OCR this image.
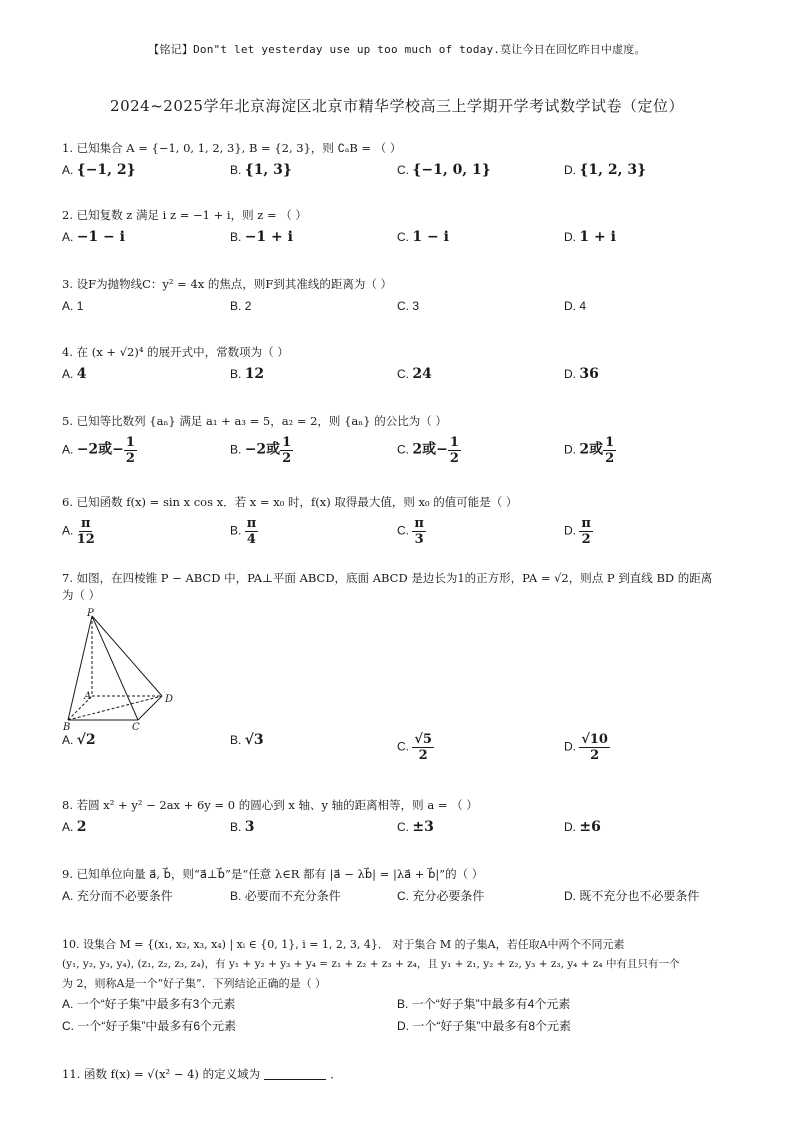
【铭记】Don"t let yesterday use up too much of today.莫让今日在回忆昨日中虚度。
2024~2025学年北京海淀区北京市精华学校高三上学期开学考试数学试卷（定位）
1. 已知集合 A = {−1, 0, 1, 2, 3}, B = {2, 3}，则 ∁ₐB = （ ）
A. {−1, 2}	B. {1, 3}	C. {−1, 0, 1}	D. {1, 2, 3}
2. 已知复数 z 满足 i z = −1 + i，则 z = （ ）
A. −1 − i	B. −1 + i	C. 1 − i	D. 1 + i
3. 设F为抛物线C：y² = 4x 的焦点，则F到其准线的距离为（ ）
A. 1	B. 2	C. 3	D. 4
4. 在 (x + √2)⁴ 的展开式中，常数项为（ ）
A. 4	B. 12	C. 24	D. 36
5. 已知等比数列 {aₙ} 满足 a₁ + a₃ = 5，a₂ = 2，则 {aₙ} 的公比为（ ）
A. −2或− $\frac{1}{2}$	B. −2或 $\frac{1}{2}$	C. 2或− $\frac{1}{2}$	D. 2或 $\frac{1}{2}$
6. 已知函数 f(x) = sin x cos x．若 x = x₀ 时，f(x) 取得最大值，则 x₀ 的值可能是（ ）
A. $\frac{\pi}{12}$	B. $\frac{\pi}{4}$	C. $\frac{\pi}{3}$	D. $\frac{\pi}{2}$
7. 如图，在四棱锥 P − ABCD 中，PA⊥平面 ABCD，底面 ABCD 是边长为1的正方形，PA = √2，则点 P 到直线 BD 的距离
为（ ）
P
A
B	C
D
A. √2	B. √3	C. $\frac{√5}{2}$	D. $\frac{√10}{2}$
8. 若圆 x² + y² − 2ax + 6y = 0 的圆心到 x 轴、y 轴的距离相等，则 a = （ ）
A. 2	B. 3	C. ±3	D. ±6
9. 已知单位向量 a⃗, b⃗，则“a⃗⊥b⃗”是“任意 λ∈R 都有 |a⃗ − λb⃗| = |λa⃗ + b⃗|”的（ ）
A. 充分而不必要条件	B. 必要而不充分条件	C. 充分必要条件	D. 既不充分也不必要条件
10. 设集合 M = {(x₁, x₂, x₃, x₄) | xᵢ ∈ {0, 1}, i = 1, 2, 3, 4}． 对于集合 M 的子集A，若任取A中两个不同元素
(y₁, y₂, y₃, y₄), (z₁, z₂, z₃, z₄)，有 y₁ + y₂ + y₃ + y₄ = z₁ + z₂ + z₃ + z₄，且 y₁ + z₁, y₂ + z₂, y₃ + z₃, y₄ + z₄ 中有且只有一个
为 2，则称A是一个“好子集”．下列结论正确的是（ ）
A. 一个“好子集”中最多有3个元素	B. 一个“好子集”中最多有4个元素
C. 一个“好子集”中最多有6个元素	D. 一个“好子集”中最多有8个元素
11. 函数 f(x) = √(x² − 4) 的定义域为	．
